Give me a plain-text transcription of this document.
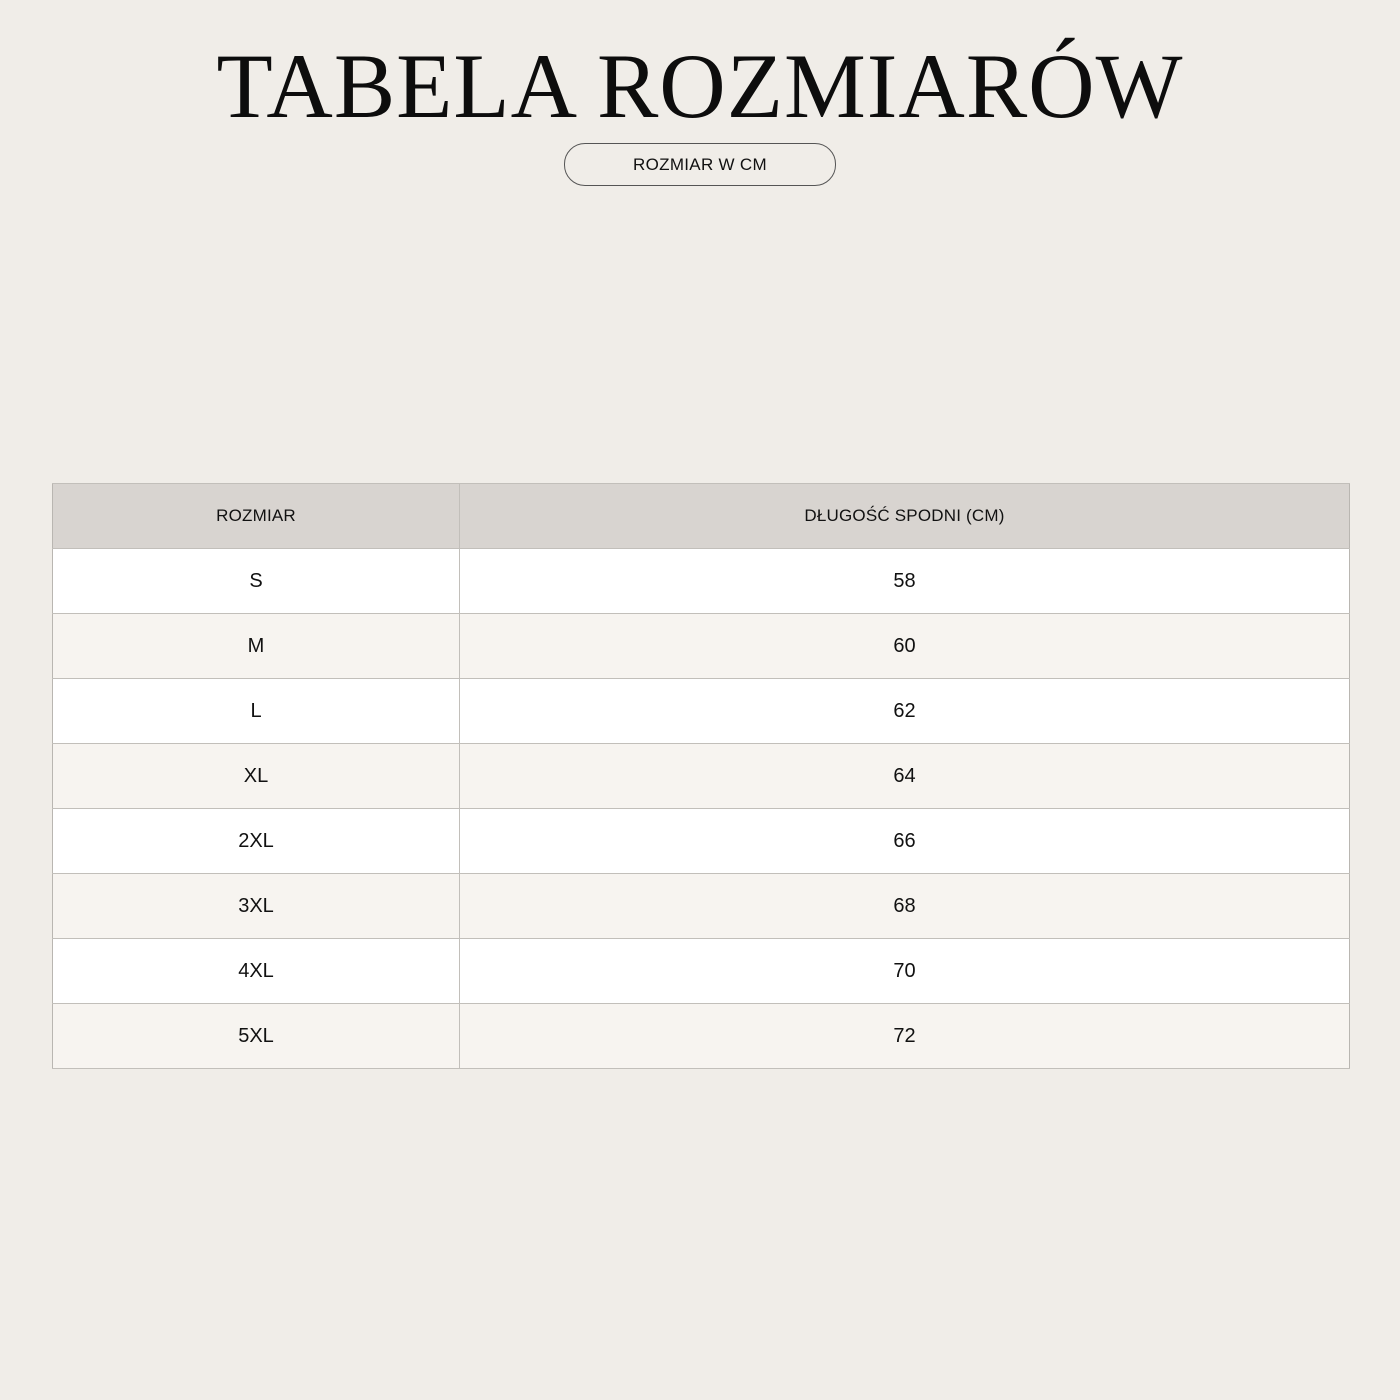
TABELA ROZMIARÓW
ROZMIAR W CM
ROZMIAR	DŁUGOŚĆ SPODNI (CM)
S	58
M	60
L	62
XL	64
2XL	66
3XL	68
4XL	70
5XL	72
